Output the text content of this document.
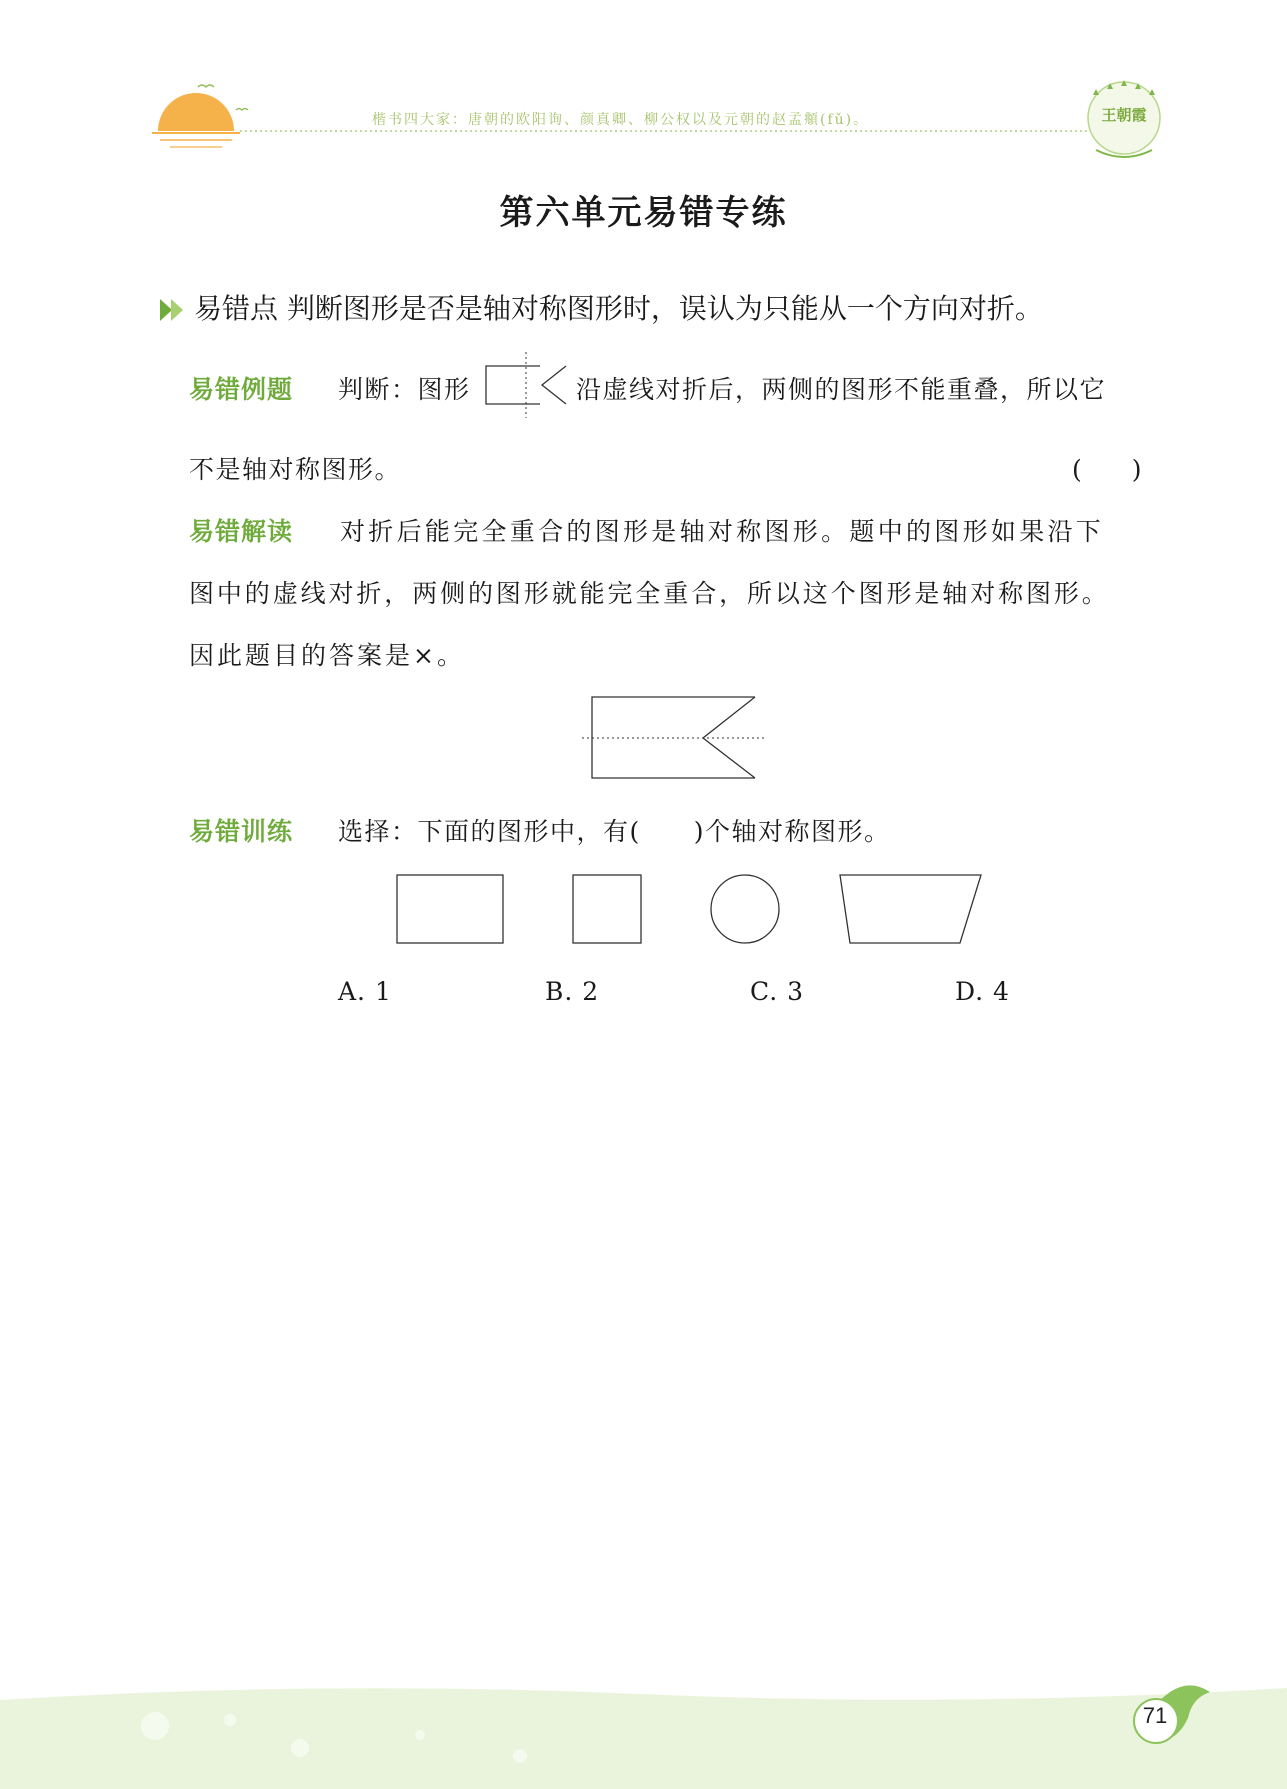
楷书四大家：唐朝的欧阳询、颜真卿、柳公权以及元朝的赵孟頫(fǔ)。	王朝霞
第六单元易错专练
易错点 判断图形是否是轴对称图形时，误认为只能从一个方向对折。
易错例题 判断：图形	沿虚线对折后，两侧的图形不能重叠，所以它
不是轴对称图形。	(　　)
易错解读 对折后能完全重合的图形是轴对称图形。题中的图形如果沿下
图中的虚线对折，两侧的图形就能完全重合，所以这个图形是轴对称图形。
因此题目的答案是×。
易错训练 选择：下面的图形中，有(　　)个轴对称图形。
A. 1	B. 2	C. 3	D. 4
71
